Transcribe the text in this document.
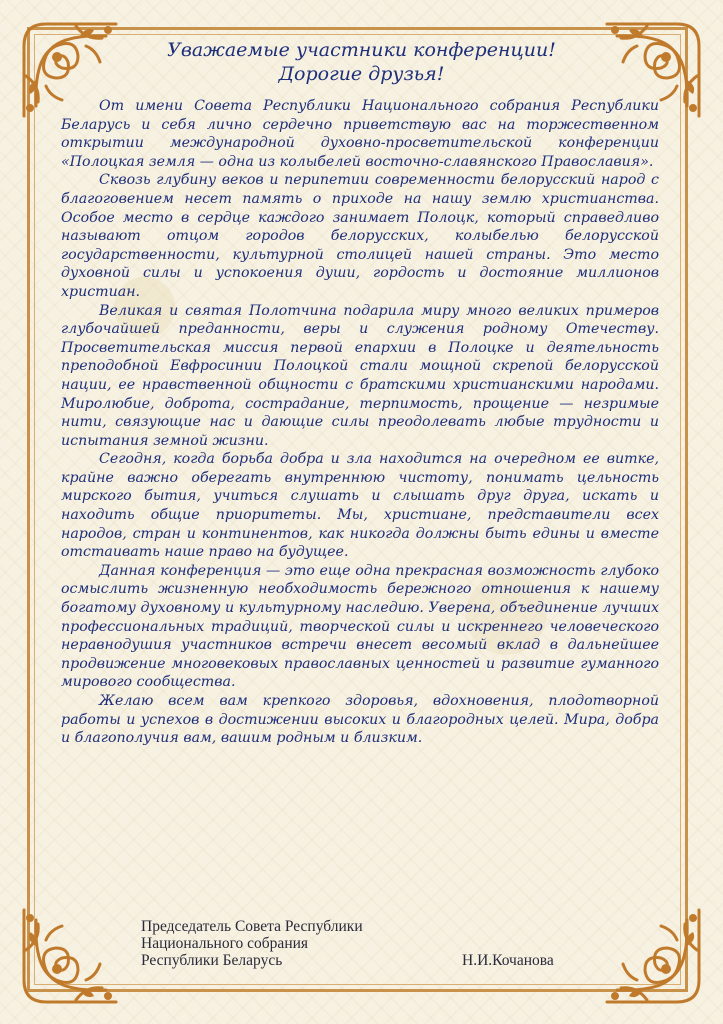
Уважаемые участники конференции!
Дорогие друзья!

От имени Совета Республики Национального собрания Республики Беларусь и себя лично сердечно приветствую вас на торжественном открытии международной духовно-просветительской конференции «Полоцкая земля — одна из колыбелей восточно-славянского Православия».

Сквозь глубину веков и перипетии современности белорусский народ с благоговением несет память о приходе на нашу землю христианства. Особое место в сердце каждого занимает Полоцк, который справедливо называют отцом городов белорусских, колыбелью белорусской государственности, культурной столицей нашей страны. Это место духовной силы и успокоения души, гордость и достояние миллионов христиан.

Великая и святая Полотчина подарила миру много великих примеров глубочайшей преданности, веры и служения родному Отечеству. Просветительская миссия первой епархии в Полоцке и деятельность преподобной Евфросинии Полоцкой стали мощной скрепой белорусской нации, ее нравственной общности с братскими христианскими народами. Миролюбие, доброта, сострадание, терпимость, прощение — незримые нити, связующие нас и дающие силы преодолевать любые трудности и испытания земной жизни.

Сегодня, когда борьба добра и зла находится на очередном ее витке, крайне важно оберегать внутреннюю чистоту, понимать цельность мирского бытия, учиться слушать и слышать друг друга, искать и находить общие приоритеты. Мы, христиане, представители всех народов, стран и континентов, как никогда должны быть едины и вместе отстаивать наше право на будущее.

Данная конференция — это еще одна прекрасная возможность глубоко осмыслить жизненную необходимость бережного отношения к нашему богатому духовному и культурному наследию. Уверена, объединение лучших профессиональных традиций, творческой силы и искреннего человеческого неравнодушия участников встречи внесет весомый вклад в дальнейшее продвижение многовековых православных ценностей и развитие гуманного мирового сообщества.

Желаю всем вам крепкого здоровья, вдохновения, плодотворной работы и успехов в достижении высоких и благородных целей. Мира, добра и благополучия вам, вашим родным и близким.

Председатель Совета Республики
Национального собрания
Республики Беларусь	Н.И.Кочанова
